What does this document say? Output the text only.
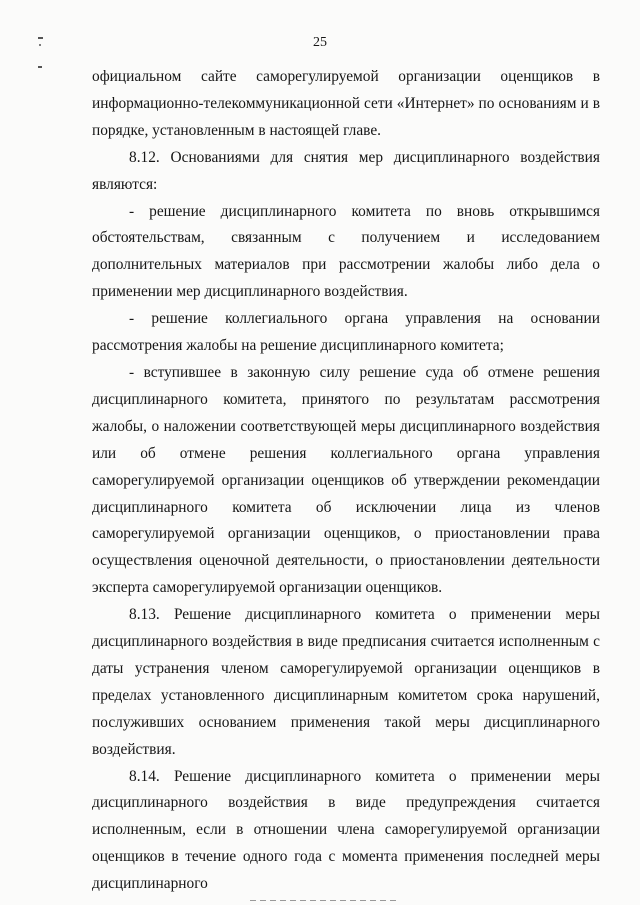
25

официальном сайте саморегулируемой организации оценщиков в информационно-телекоммуникационной сети «Интернет» по основаниям и в порядке, установленным в настоящей главе.

8.12. Основаниями для снятия мер дисциплинарного воздействия являются:

- решение дисциплинарного комитета по вновь открывшимся обстоятельствам, связанным с получением и исследованием дополнительных материалов при рассмотрении жалобы либо дела о применении мер дисциплинарного воздействия.

- решение коллегиального органа управления на основании рассмотрения жалобы на решение дисциплинарного комитета;

- вступившее в законную силу решение суда об отмене решения дисциплинарного комитета, принятого по результатам рассмотрения жалобы, о наложении соответствующей меры дисциплинарного воздействия или об отмене решения коллегиального органа управления саморегулируемой организации оценщиков об утверждении рекомендации дисциплинарного комитета об исключении лица из членов саморегулируемой организации оценщиков, о приостановлении права осуществления оценочной деятельности, о приостановлении деятельности эксперта саморегулируемой организации оценщиков.

8.13. Решение дисциплинарного комитета о применении меры дисциплинарного воздействия в виде предписания считается исполненным с даты устранения членом саморегулируемой организации оценщиков в пределах установленного дисциплинарным комитетом срока нарушений, послуживших основанием применения такой меры дисциплинарного воздействия.

8.14. Решение дисциплинарного комитета о применении меры дисциплинарного воздействия в виде предупреждения считается исполненным, если в отношении члена саморегулируемой организации оценщиков в течение одного года с момента применения последней меры дисциплинарного
